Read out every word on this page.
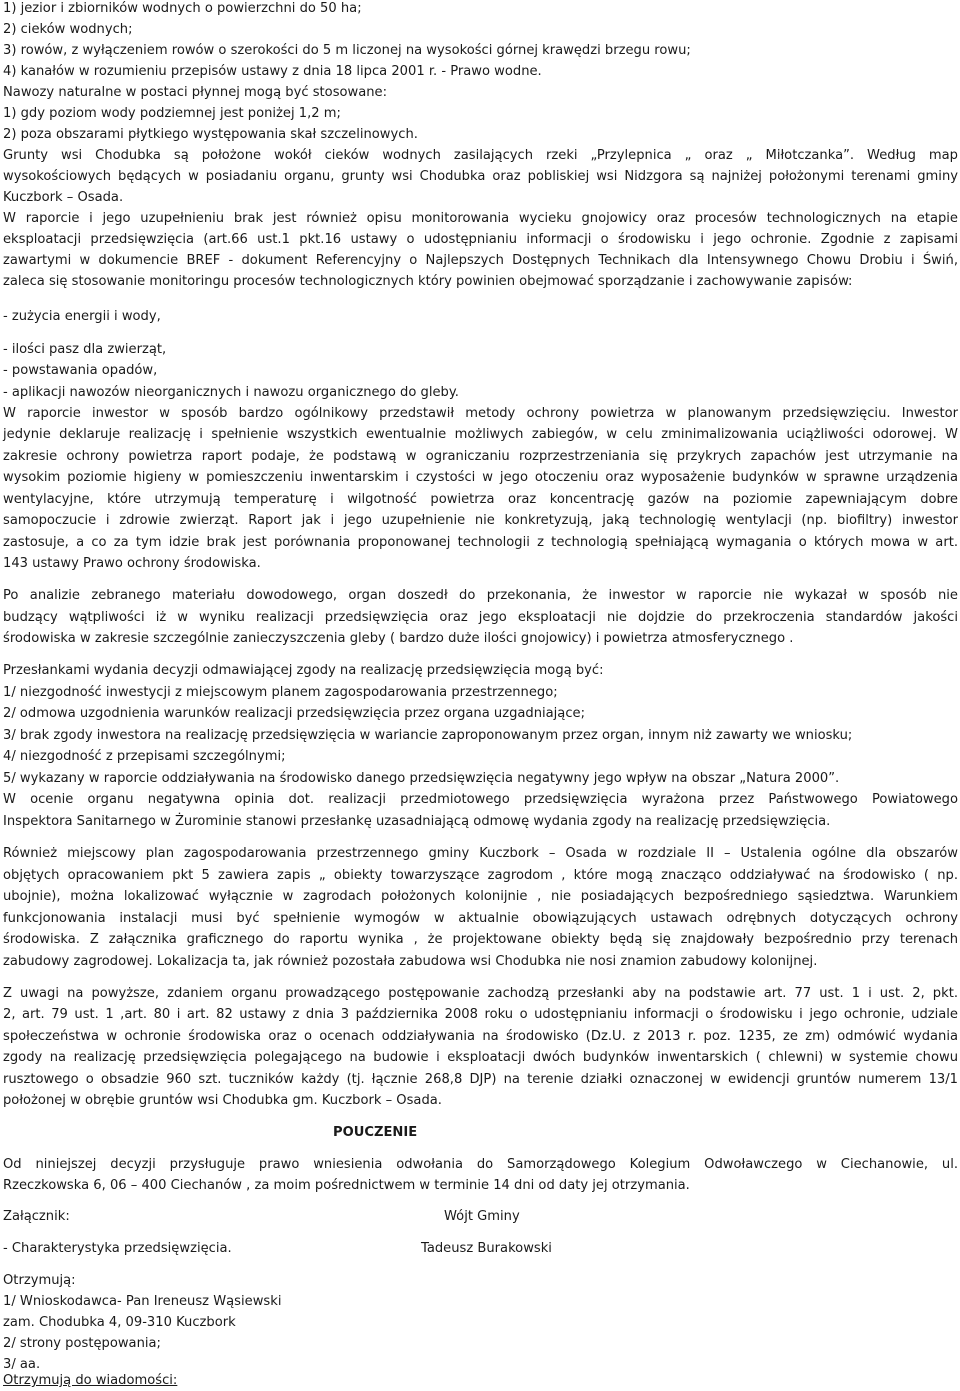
1) jezior i zbiorników wodnych o powierzchni do 50 ha;
2) cieków wodnych;
3) rowów, z wyłączeniem rowów o szerokości do 5 m liczonej na wysokości górnej krawędzi brzegu rowu;
4) kanałów w rozumieniu przepisów ustawy z dnia 18 lipca 2001 r. - Prawo wodne.
Nawozy naturalne w postaci płynnej mogą być stosowane:
1) gdy poziom wody podziemnej jest poniżej 1,2 m;
2) poza obszarami płytkiego występowania skał szczelinowych.
Grunty wsi Chodubka są położone wokół cieków wodnych zasilających rzeki „Przylepnica „ oraz „ Miłotczanka”. Według map
wysokościowych będących w posiadaniu organu, grunty wsi Chodubka oraz pobliskiej wsi Nidzgora są najniżej położonymi terenami gminy
Kuczbork – Osada.
W raporcie i jego uzupełnieniu brak jest również opisu monitorowania wycieku gnojowicy oraz procesów technologicznych na etapie
eksploatacji przedsięwzięcia (art.66 ust.1 pkt.16 ustawy o udostępnianiu informacji o środowisku i jego ochronie. Zgodnie z zapisami
zawartymi w dokumencie BREF - dokument Referencyjny o Najlepszych Dostępnych Technikach dla Intensywnego Chowu Drobiu i Świń,
zaleca się stosowanie monitoringu procesów technologicznych który powinien obejmować sporządzanie i zachowywanie zapisów:
- zużycia energii i wody,
- ilości pasz dla zwierząt,
- powstawania opadów,
- aplikacji nawozów nieorganicznych i nawozu organicznego do gleby.
W raporcie inwestor w sposób bardzo ogólnikowy przedstawił metody ochrony powietrza w planowanym przedsięwzięciu. Inwestor
jedynie deklaruje realizację i spełnienie wszystkich ewentualnie możliwych zabiegów, w celu zminimalizowania uciążliwości odorowej. W
zakresie ochrony powietrza raport podaje, że podstawą w ograniczaniu rozprzestrzeniania się przykrych zapachów jest utrzymanie na
wysokim poziomie higieny w pomieszczeniu inwentarskim i czystości w jego otoczeniu oraz wyposażenie budynków w sprawne urządzenia
wentylacyjne, które utrzymują temperaturę i wilgotność powietrza oraz koncentrację gazów na poziomie zapewniającym dobre
samopoczucie i zdrowie zwierząt. Raport jak i jego uzupełnienie nie konkretyzują, jaką technologię wentylacji (np. biofiltry) inwestor
zastosuje, a co za tym idzie brak jest porównania proponowanej technologii z technologią spełniającą wymagania o których mowa w art.
143 ustawy Prawo ochrony środowiska.
Po analizie zebranego materiału dowodowego, organ doszedł do przekonania, że inwestor w raporcie nie wykazał w sposób nie
budzący wątpliwości iż w wyniku realizacji przedsięwzięcia oraz jego eksploatacji nie dojdzie do przekroczenia standardów jakości
środowiska w zakresie szczególnie zanieczyszczenia gleby ( bardzo duże ilości gnojowicy) i powietrza atmosferycznego .
Przesłankami wydania decyzji odmawiającej zgody na realizację przedsięwzięcia mogą być:
1/ niezgodność inwestycji z miejscowym planem zagospodarowania przestrzennego;
2/ odmowa uzgodnienia warunków realizacji przedsięwzięcia przez organa uzgadniające;
3/ brak zgody inwestora na realizację przedsięwzięcia w wariancie zaproponowanym przez organ, innym niż zawarty we wniosku;
4/ niezgodność z przepisami szczególnymi;
5/ wykazany w raporcie oddziaływania na środowisko danego przedsięwzięcia negatywny jego wpływ na obszar „Natura 2000”.
W ocenie organu negatywna opinia dot. realizacji przedmiotowego przedsięwzięcia wyrażona przez Państwowego Powiatowego
Inspektora Sanitarnego w Żurominie stanowi przesłankę uzasadniającą odmowę wydania zgody na realizację przedsięwzięcia.
Również miejscowy plan zagospodarowania przestrzennego gminy Kuczbork – Osada w rozdziale II – Ustalenia ogólne dla obszarów
objętych opracowaniem pkt 5 zawiera zapis „ obiekty towarzyszące zagrodom , które mogą znacząco oddziaływać na środowisko ( np.
ubojnie), można lokalizować wyłącznie w zagrodach położonych kolonijnie , nie posiadających bezpośredniego sąsiedztwa. Warunkiem
funkcjonowania instalacji musi być spełnienie wymogów w aktualnie obowiązujących ustawach odrębnych dotyczących ochrony
środowiska. Z załącznika graficznego do raportu wynika , że projektowane obiekty będą się znajdowały bezpośrednio przy terenach
zabudowy zagrodowej. Lokalizacja ta, jak również pozostała zabudowa wsi Chodubka nie nosi znamion zabudowy kolonijnej.
Z uwagi na powyższe, zdaniem organu prowadzącego postępowanie zachodzą przesłanki aby na podstawie art. 77 ust. 1 i ust. 2, pkt.
2, art. 79 ust. 1 ,art. 80 i art. 82 ustawy z dnia 3 października 2008 roku o udostępnianiu informacji o środowisku i jego ochronie, udziale
społeczeństwa w ochronie środowiska oraz o ocenach oddziaływania na środowisko (Dz.U. z 2013 r. poz. 1235, ze zm) odmówić wydania
zgody na realizację przedsięwzięcia polegającego na budowie i eksploatacji dwóch budynków inwentarskich ( chlewni) w systemie chowu
rusztowego o obsadzie 960 szt. tuczników każdy (tj. łącznie 268,8 DJP) na terenie działki oznaczonej w ewidencji gruntów numerem 13/1
położonej w obrębie gruntów wsi Chodubka gm. Kuczbork – Osada.
POUCZENIE
Od niniejszej decyzji przysługuje prawo wniesienia odwołania do Samorządowego Kolegium Odwoławczego w Ciechanowie, ul.
Rzeczkowska 6, 06 – 400 Ciechanów , za moim pośrednictwem w terminie 14 dni od daty jej otrzymania.
Załącznik:	Wójt Gminy
- Charakterystyka przedsięwzięcia.	Tadeusz Burakowski
Otrzymują:
1/ Wnioskodawca- Pan Ireneusz Wąsiewski
zam. Chodubka 4, 09-310 Kuczbork
2/ strony postępowania;
3/ aa.
Otrzymują do wiadomości:
